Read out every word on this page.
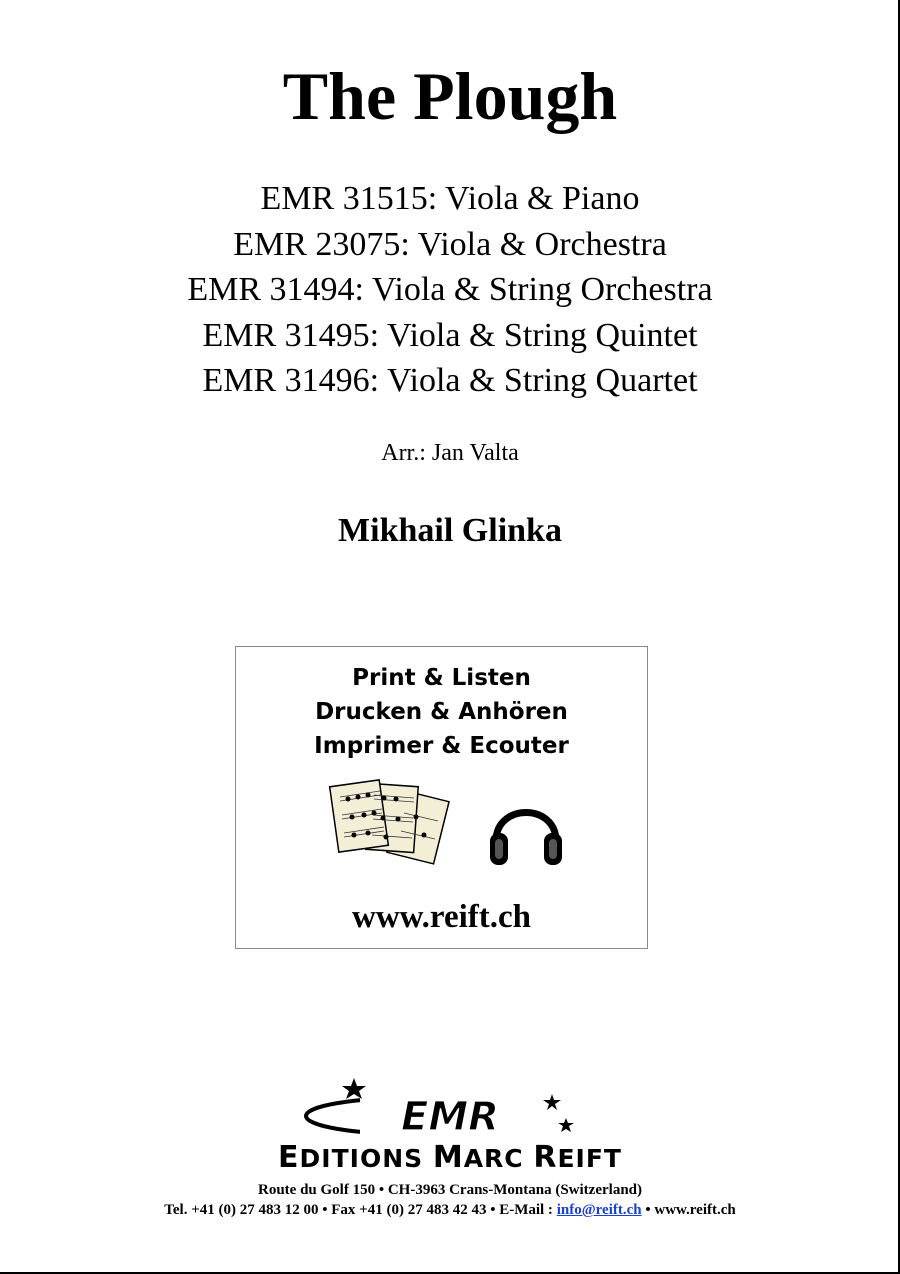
The Plough
EMR 31515: Viola & Piano
EMR 23075: Viola & Orchestra
EMR 31494: Viola & String Orchestra
EMR 31495: Viola & String Quintet
EMR 31496: Viola & String Quartet
Arr.: Jan Valta
Mikhail Glinka
Print & Listen
Drucken & Anhören
Imprimer & Ecouter
www.reift.ch
EMR
EDITIONS MARC REIFT
Route du Golf 150 • CH-3963 Crans-Montana (Switzerland)
Tel. +41 (0) 27 483 12 00 • Fax +41 (0) 27 483 42 43 • E-Mail : info@reift.ch • www.reift.ch
